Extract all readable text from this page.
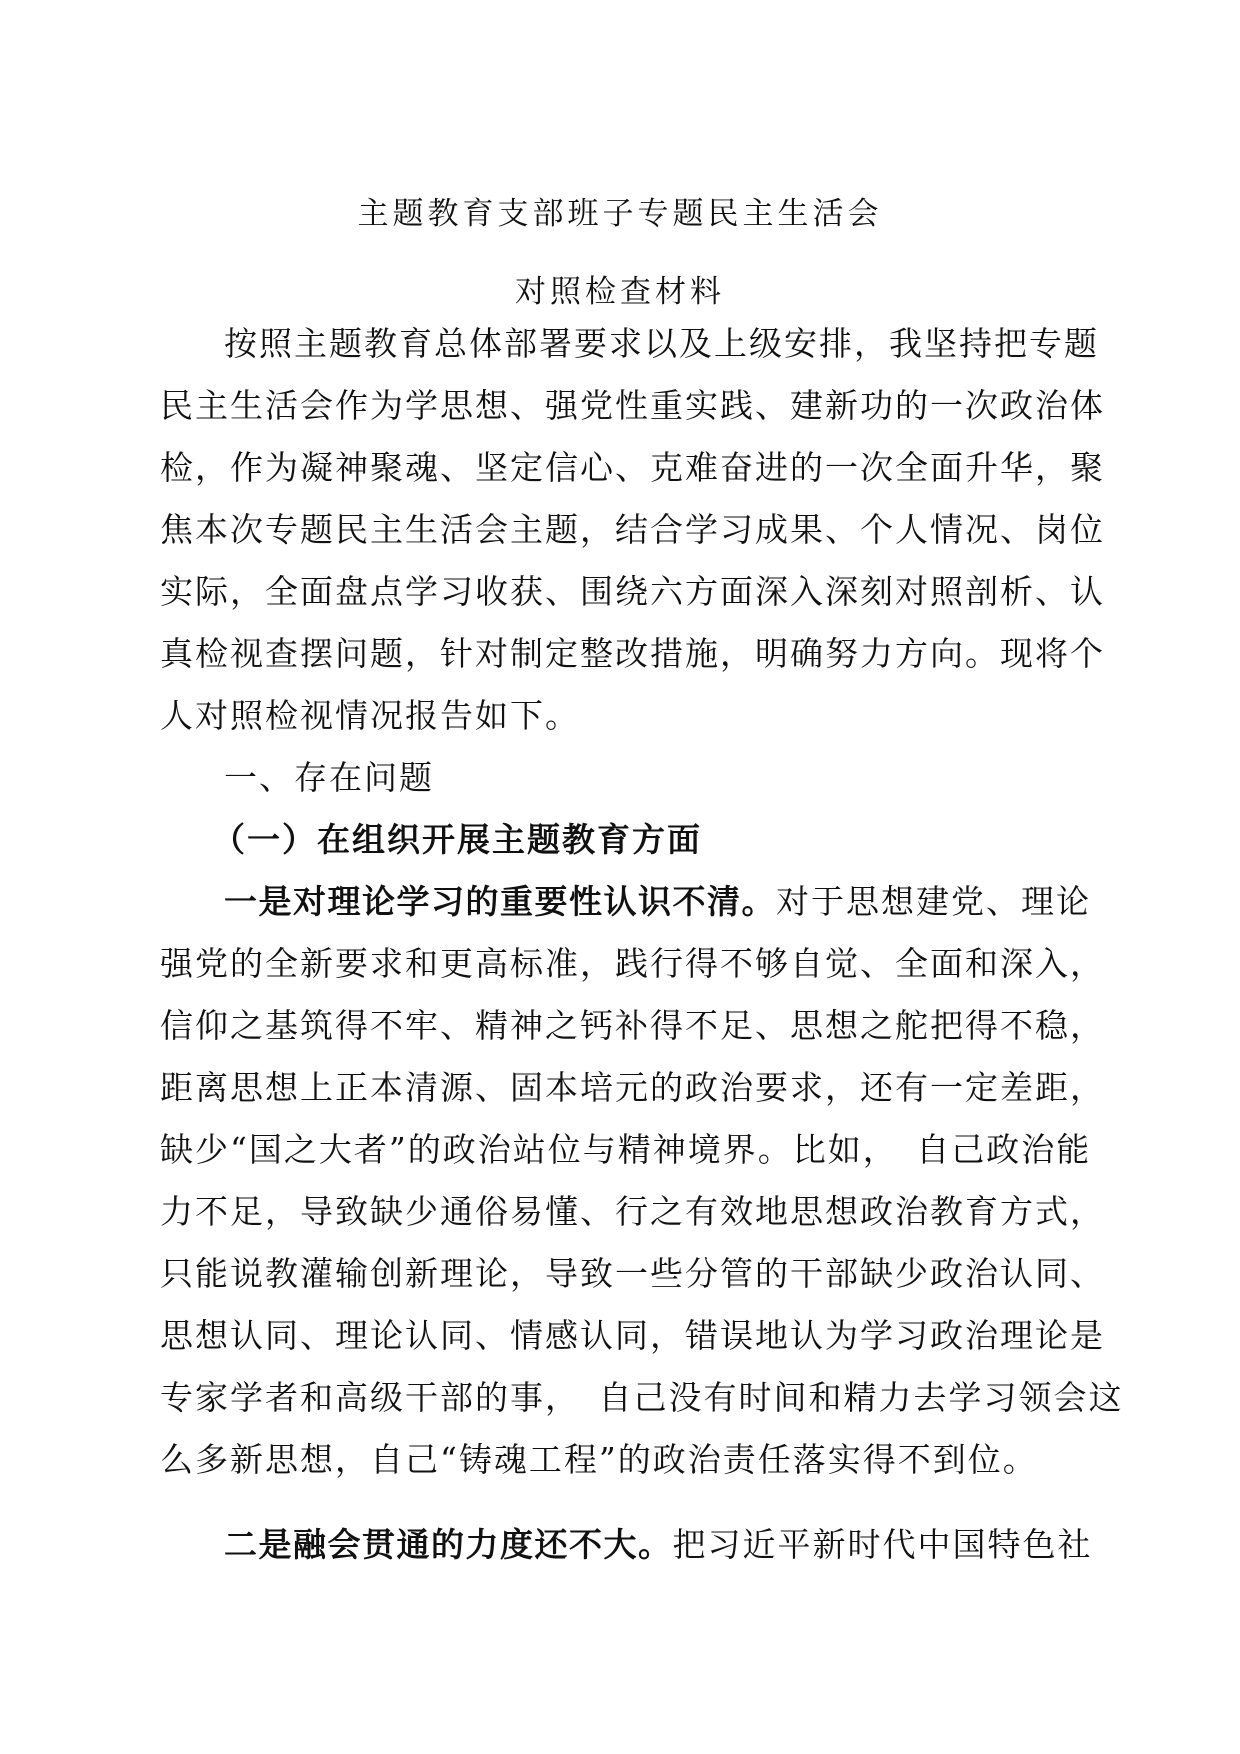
主题教育支部班子专题民主生活会
对照检查材料
按照主题教育总体部署要求以及上级安排，我坚持把专题
民主生活会作为学思想、强党性重实践、建新功的一次政治体
检，作为凝神聚魂、坚定信心、克难奋进的一次全面升华，聚
焦本次专题民主生活会主题，结合学习成果、个人情况、岗位
实际，全面盘点学习收获、围绕六方面深入深刻对照剖析、认
真检视查摆问题，针对制定整改措施，明确努力方向。现将个
人对照检视情况报告如下。
一、存在问题
（一）在组织开展主题教育方面
一是对理论学习的重要性认识不清。对于思想建党、理论
强党的全新要求和更高标准，践行得不够自觉、全面和深入，
信仰之基筑得不牢、精神之钙补得不足、思想之舵把得不稳，
距离思想上正本清源、固本培元的政治要求，还有一定差距，
缺少“国之大者”的政治站位与精神境界。比如，　自己政治能
力不足，导致缺少通俗易懂、行之有效地思想政治教育方式，
只能说教灌输创新理论，导致一些分管的干部缺少政治认同、
思想认同、理论认同、情感认同，错误地认为学习政治理论是
专家学者和高级干部的事，　自己没有时间和精力去学习领会这
么多新思想，自己“铸魂工程”的政治责任落实得不到位。
二是融会贯通的力度还不大。把习近平新时代中国特色社
